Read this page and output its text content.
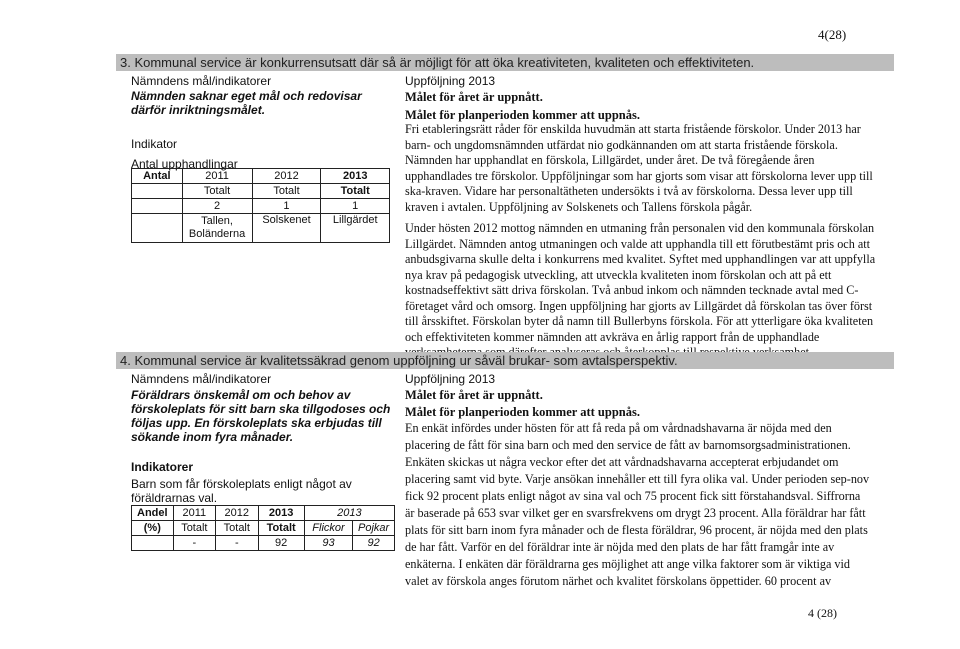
4(28)
3. Kommunal service är konkurrensutsatt där så är möjligt för att öka kreativiteten, kvaliteten och effektiviteten.
Nämndens mål/indikatorer
Nämnden saknar eget mål och redovisar därför inriktningsmålet.
Indikator
Antal upphandlingar
Antal	2011	2012	2013
	Totalt	Totalt	Totalt
	2	1	1
	Tallen, Boländerna	Solskenet	Lillgärdet
Uppföljning 2013
Målet för året är uppnått.
Målet för planperioden kommer att uppnås.
Fri etableringsrätt råder för enskilda huvudmän att starta fristående förskolor. Under 2013 har
barn- och ungdomsnämnden utfärdat nio godkännanden om att starta fristående förskola.
Nämnden har upphandlat en förskola, Lillgärdet, under året. De två föregående åren
upphandlades tre förskolor. Uppföljningar som har gjorts som visar att förskolorna lever upp till
ska-kraven. Vidare har personaltätheten undersökts i två av förskolorna. Dessa lever upp till
kraven i avtalen. Uppföljning av Solskenets och Tallens förskola pågår.
Under hösten 2012 mottog nämnden en utmaning från personalen vid den kommunala förskolan
Lillgärdet. Nämnden antog utmaningen och valde att upphandla till ett förutbestämt pris och att
anbudsgivarna skulle delta i konkurrens med kvalitet. Syftet med upphandlingen var att uppfylla
nya krav på pedagogisk utveckling, att utveckla kvaliteten inom förskolan och att på ett
kostnadseffektivt sätt driva förskolan. Två anbud inkom och nämnden tecknade avtal med C-
företaget vård och omsorg. Ingen uppföljning har gjorts av Lillgärdet då förskolan tas över först
till årsskiftet. Förskolan byter då namn till Bullerbyns förskola. För att ytterligare öka kvaliteten
och effektiviteten kommer nämnden att avkräva en årlig rapport från de upphandlade
4. Kommunal service är kvalitetssäkrad genom uppföljning ur såväl brukar- som avtalsperspektiv.
Nämndens mål/indikatorer
Föräldrars önskemål om och behov av
förskoleplats för sitt barn ska tillgodoses och
följas upp. En förskoleplats ska erbjudas till
sökande inom fyra månader.
Indikatorer
Barn som får förskoleplats enligt något av
föräldrarnas val.
Andel	2011	2012	2013	2013	
(%)	Totalt	Totalt	Totalt	Flickor	Pojkar
	-	-	92	93	92
Uppföljning 2013
Målet för året är uppnått.
Målet för planperioden kommer att uppnås.
En enkät infördes under hösten för att få reda på om vårdnadshavarna är nöjda med den
placering de fått för sina barn och med den service de fått av barnomsorgsadministrationen.
Enkäten skickas ut några veckor efter det att vårdnadshavarna accepterat erbjudandet om
placering samt vid byte. Varje ansökan innehåller ett till fyra olika val. Under perioden sep-nov
fick 92 procent plats enligt något av sina val och 75 procent fick sitt förstahandsval. Siffrorna
är baserade på 653 svar vilket ger en svarsfrekvens om drygt 23 procent. Alla föräldrar har fått
plats för sitt barn inom fyra månader och de flesta föräldrar, 96 procent, är nöjda med den plats
de har fått. Varför en del föräldrar inte är nöjda med den plats de har fått framgår inte av
enkäterna. I enkäten där föräldrarna ges möjlighet att ange vilka faktorer som är viktiga vid
valet av förskola anges förutom närhet och kvalitet förskolans öppettider. 60 procent av
4 (28)
